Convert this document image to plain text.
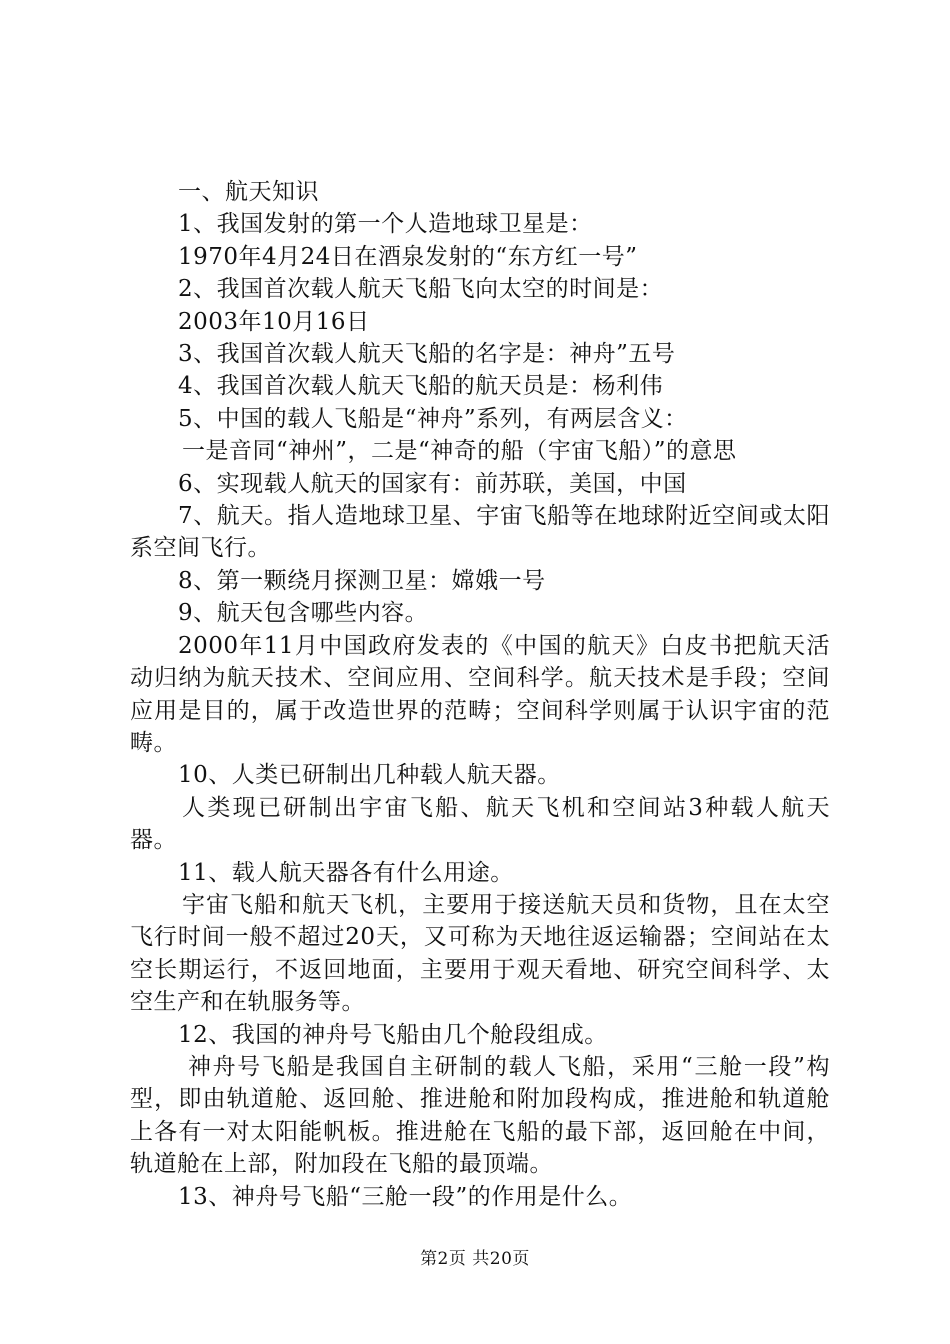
一、航天知识

1、我国发射的第一个人造地球卫星是：

1970年4月24日在酒泉发射的“东方红一号”

2、我国首次载人航天飞船飞向太空的时间是：

2003年10月16日

3、我国首次载人航天飞船的名字是：神舟”五号

4、我国首次载人航天飞船的航天员是：杨利伟

5、中国的载人飞船是“神舟”系列，有两层含义：

一是音同“神州”，二是“神奇的船（宇宙飞船）”的意思

6、实现载人航天的国家有：前苏联，美国，中国

7、航天。指人造地球卫星、宇宙飞船等在地球附近空间或太阳系空间飞行。

8、第一颗绕月探测卫星：嫦娥一号

9、航天包含哪些内容。

2000年11月中国政府发表的《中国的航天》白皮书把航天活动归纳为航天技术、空间应用、空间科学。航天技术是手段；空间应用是目的，属于改造世界的范畴；空间科学则属于认识宇宙的范畴。

10、人类已研制出几种载人航天器。

人类现已研制出宇宙飞船、航天飞机和空间站3种载人航天器。

11、载人航天器各有什么用途。

宇宙飞船和航天飞机，主要用于接送航天员和货物，且在太空飞行时间一般不超过20天，又可称为天地往返运输器；空间站在太空长期运行，不返回地面，主要用于观天看地、研究空间科学、太空生产和在轨服务等。

12、我国的神舟号飞船由几个舱段组成。

神舟号飞船是我国自主研制的载人飞船，采用“三舱一段”构型，即由轨道舱、返回舱、推进舱和附加段构成，推进舱和轨道舱上各有一对太阳能帆板。推进舱在飞船的最下部，返回舱在中间，轨道舱在上部，附加段在飞船的最顶端。

13、神舟号飞船“三舱一段”的作用是什么。

第2页 共20页
